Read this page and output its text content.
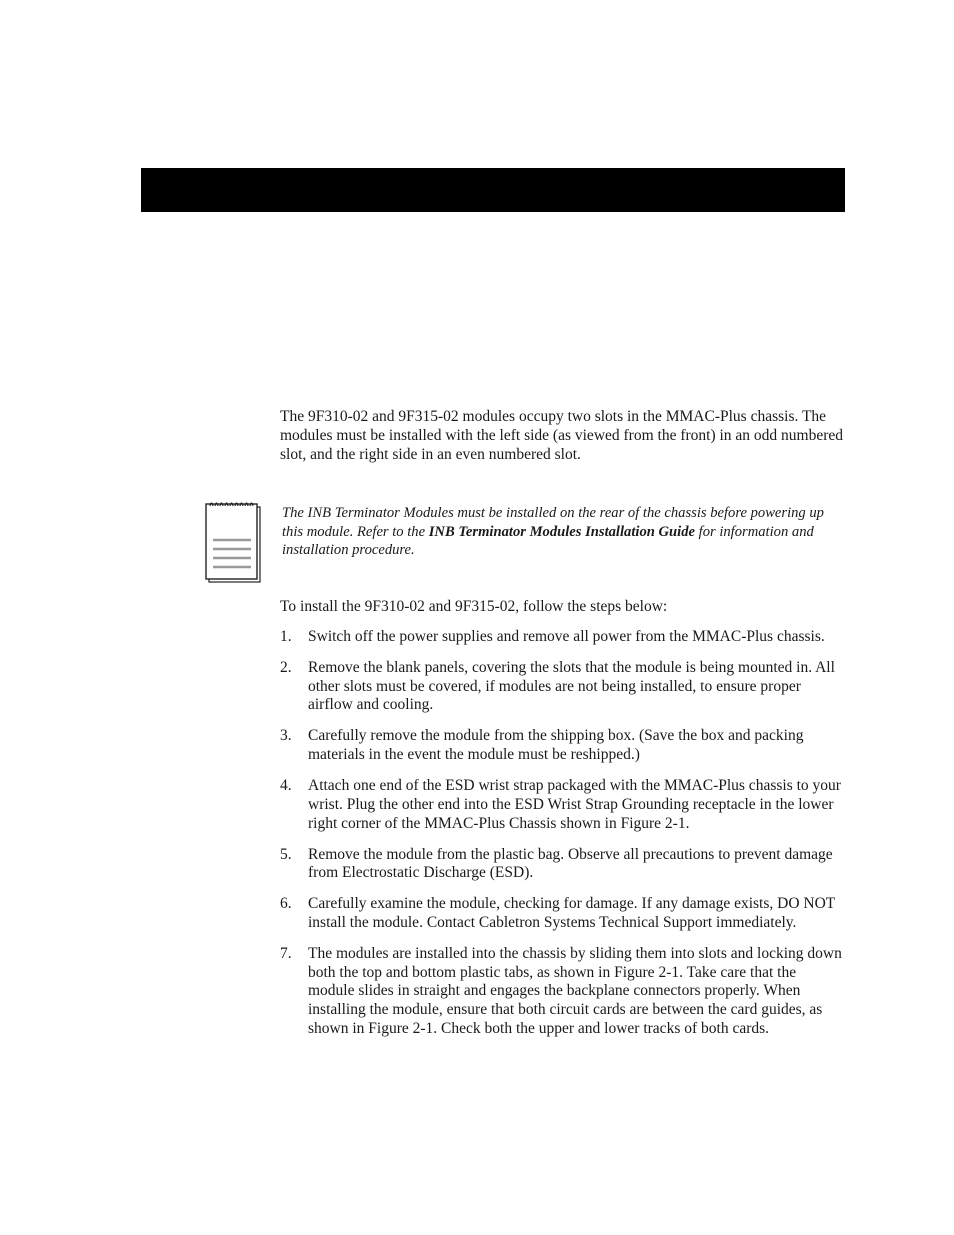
The 9F310-02 and 9F315-02 modules occupy two slots in the MMAC-Plus chassis. The modules must be installed with the left side (as viewed from the front) in an odd numbered slot, and the right side in an even numbered slot.

The INB Terminator Modules must be installed on the rear of the chassis before powering up this module. Refer to the INB Terminator Modules Installation Guide for information and installation procedure.

To install the 9F310-02 and 9F315-02, follow the steps below:

1. Switch off the power supplies and remove all power from the MMAC-Plus chassis.
2. Remove the blank panels, covering the slots that the module is being mounted in. All other slots must be covered, if modules are not being installed, to ensure proper airflow and cooling.
3. Carefully remove the module from the shipping box. (Save the box and packing materials in the event the module must be reshipped.)
4. Attach one end of the ESD wrist strap packaged with the MMAC-Plus chassis to your wrist. Plug the other end into the ESD Wrist Strap Grounding receptacle in the lower right corner of the MMAC-Plus Chassis shown in Figure 2-1.
5. Remove the module from the plastic bag. Observe all precautions to prevent damage from Electrostatic Discharge (ESD).
6. Carefully examine the module, checking for damage. If any damage exists, DO NOT install the module. Contact Cabletron Systems Technical Support immediately.
7. The modules are installed into the chassis by sliding them into slots and locking down both the top and bottom plastic tabs, as shown in Figure 2-1. Take care that the module slides in straight and engages the backplane connectors properly. When installing the module, ensure that both circuit cards are between the card guides, as shown in Figure 2-1. Check both the upper and lower tracks of both cards.
